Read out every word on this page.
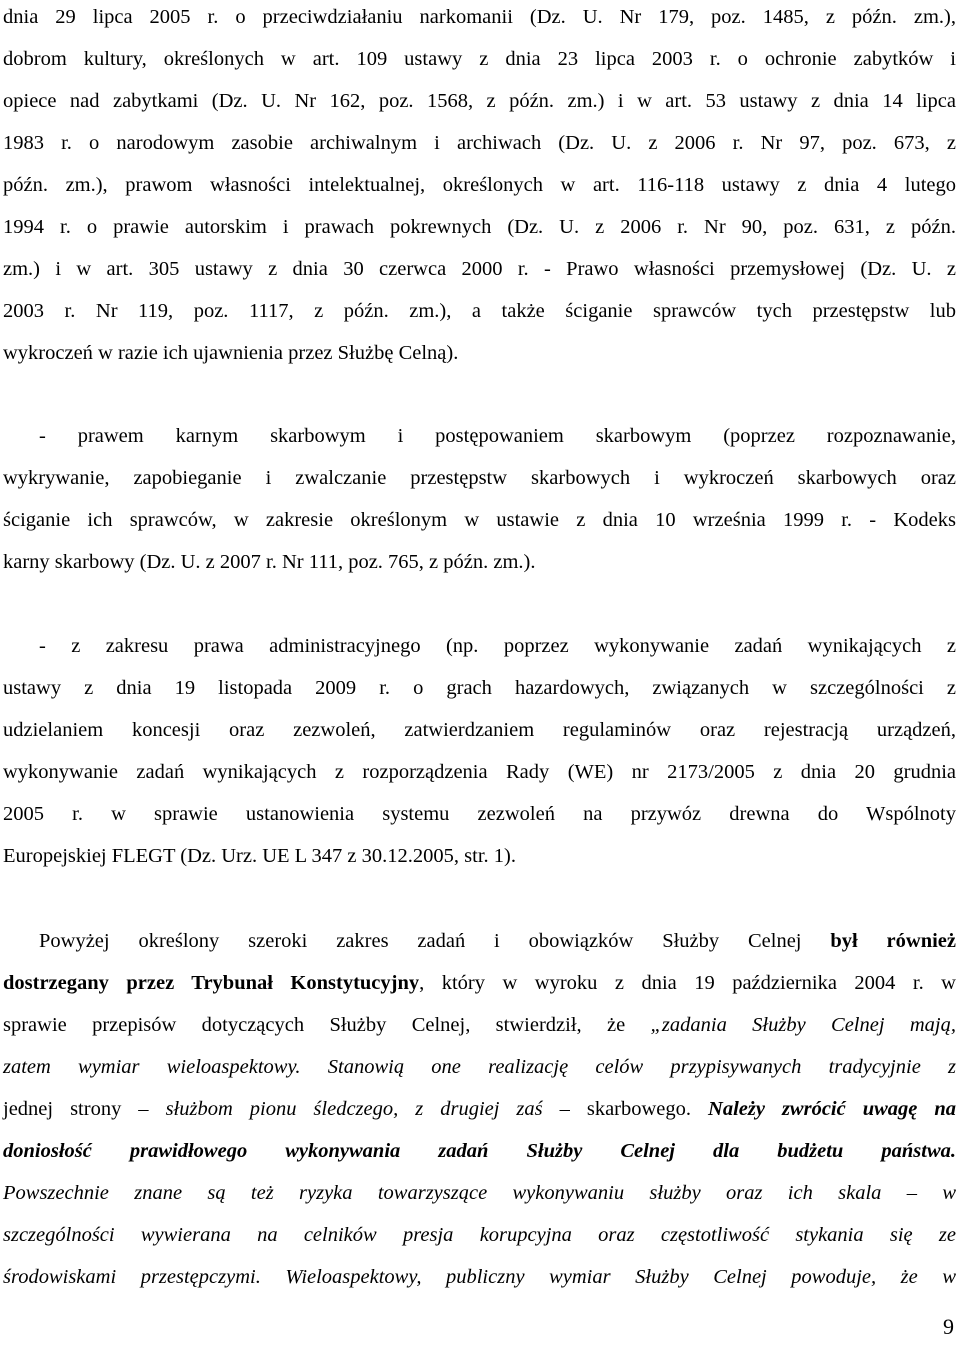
dnia 29 lipca 2005 r. o przeciwdziałaniu narkomanii (Dz. U. Nr 179, poz. 1485, z późn. zm.),
dobrom kultury, określonych w art. 109 ustawy z dnia 23 lipca 2003 r. o ochronie zabytków i
opiece nad zabytkami (Dz. U. Nr 162, poz. 1568, z późn. zm.) i w art. 53 ustawy z dnia 14 lipca
1983 r. o narodowym zasobie archiwalnym i archiwach (Dz. U. z 2006 r. Nr 97, poz. 673, z
późn. zm.), prawom własności intelektualnej, określonych w art. 116-118 ustawy z dnia 4 lutego
1994 r. o prawie autorskim i prawach pokrewnych (Dz. U. z 2006 r. Nr 90, poz. 631, z późn.
zm.) i w art. 305 ustawy z dnia 30 czerwca 2000 r. - Prawo własności przemysłowej (Dz. U. z
2003 r. Nr 119, poz. 1117, z późn. zm.), a także ściganie sprawców tych przestępstw lub
wykroczeń w razie ich ujawnienia przez Służbę Celną).
- prawem karnym skarbowym i postępowaniem skarbowym (poprzez rozpoznawanie,
wykrywanie, zapobieganie i zwalczanie przestępstw skarbowych i wykroczeń skarbowych oraz
ściganie ich sprawców, w zakresie określonym w ustawie z dnia 10 września 1999 r. - Kodeks
karny skarbowy (Dz. U. z 2007 r. Nr 111, poz. 765, z późn. zm.).
- z zakresu prawa administracyjnego (np. poprzez wykonywanie zadań wynikających z
ustawy z dnia 19 listopada 2009 r. o grach hazardowych, związanych w szczególności z
udzielaniem koncesji oraz zezwoleń, zatwierdzaniem regulaminów oraz rejestracją urządzeń,
wykonywanie zadań wynikających z rozporządzenia Rady (WE) nr 2173/2005 z dnia 20 grudnia
2005 r. w sprawie ustanowienia systemu zezwoleń na przywóz drewna do Wspólnoty
Europejskiej FLEGT (Dz. Urz. UE L 347 z 30.12.2005, str. 1).
Powyżej określony szeroki zakres zadań i obowiązków Służby Celnej był również
dostrzegany przez Trybunał Konstytucyjny, który w wyroku z dnia 19 października 2004 r. w
sprawie przepisów dotyczących Służby Celnej, stwierdził, że „zadania Służby Celnej mają,
zatem wymiar wieloaspektowy. Stanowią one realizację celów przypisywanych tradycyjnie z
jednej strony – służbom pionu śledczego, z drugiej zaś – skarbowego. Należy zwrócić uwagę na
doniosłość prawidłowego wykonywania zadań Służby Celnej dla budżetu państwa.
Powszechnie znane są też ryzyka towarzyszące wykonywaniu służby oraz ich skala – w
szczególności wywierana na celników presja korupcyjna oraz częstotliwość stykania się ze
środowiskami przestępczymi. Wieloaspektowy, publiczny wymiar Służby Celnej powoduje, że w
9
